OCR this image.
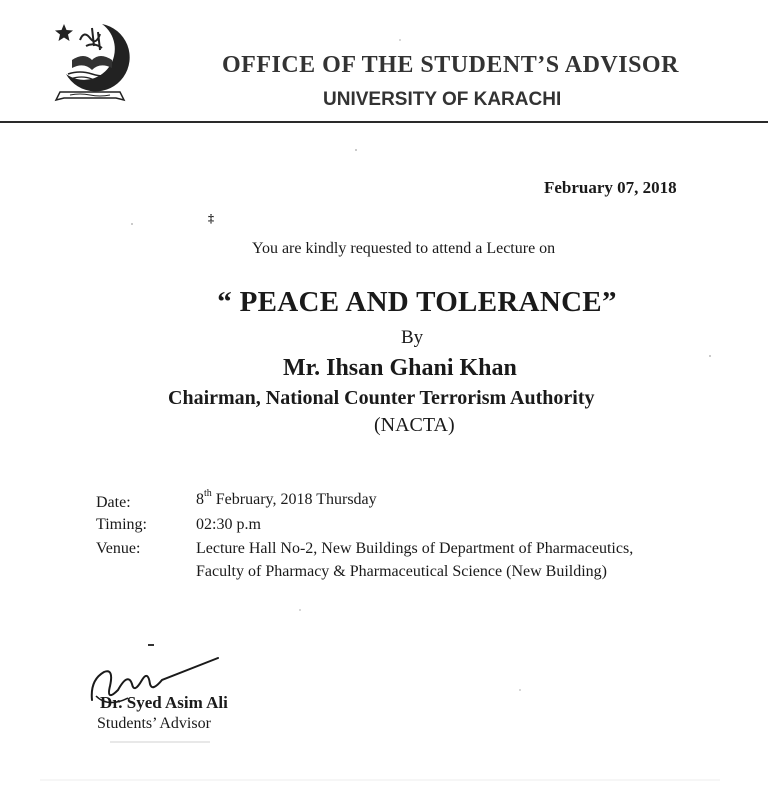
OFFICE OF THE STUDENT’S ADVISOR
UNIVERSITY OF KARACHI
February 07, 2018
‡
You are kindly requested to attend a Lecture on
“ PEACE AND TOLERANCE”
By
Mr. Ihsan Ghani Khan
Chairman, National Counter Terrorism Authority
(NACTA)
Date:	8th February, 2018 Thursday
Timing:	02:30 p.m
Venue:	Lecture Hall No-2, New Buildings of Department of Pharmaceutics,
Faculty of Pharmacy & Pharmaceutical Science (New Building)
Dr. Syed Asim Ali
Students’ Advisor
